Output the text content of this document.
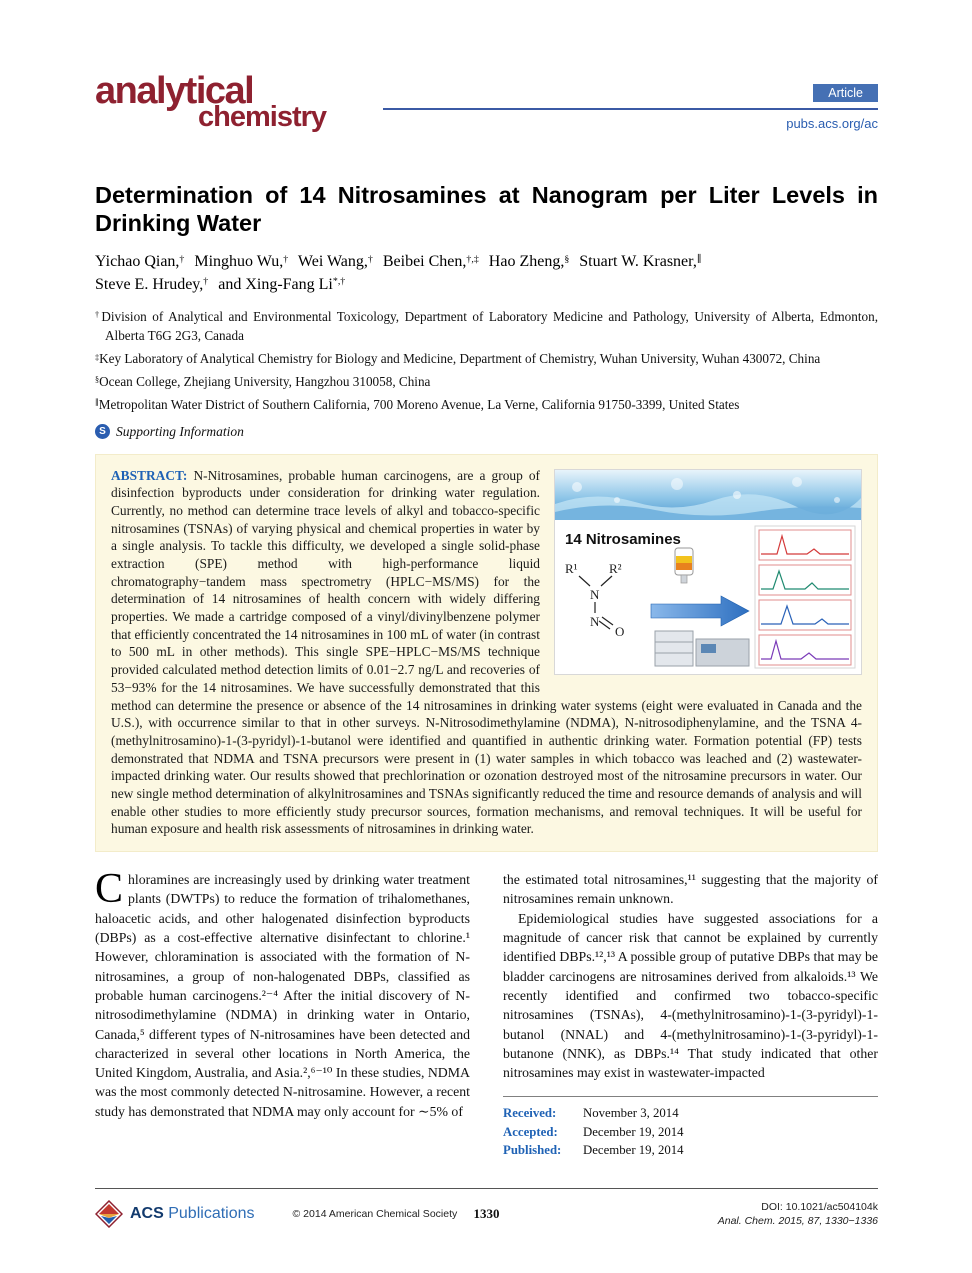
analytical
chemistry
Article
pubs.acs.org/ac
Determination of 14 Nitrosamines at Nanogram per Liter Levels in Drinking Water
Yichao Qian,† Minghuo Wu,† Wei Wang,† Beibei Chen,†,‡ Hao Zheng,§ Stuart W. Krasner,∥
Steve E. Hrudey,† and Xing-Fang Li*,†
†Division of Analytical and Environmental Toxicology, Department of Laboratory Medicine and Pathology, University of Alberta, Edmonton, Alberta T6G 2G3, Canada
‡Key Laboratory of Analytical Chemistry for Biology and Medicine, Department of Chemistry, Wuhan University, Wuhan 430072, China
§Ocean College, Zhejiang University, Hangzhou 310058, China
∥Metropolitan Water District of Southern California, 700 Moreno Avenue, La Verne, California 91750-3399, United States
S Supporting Information
14 Nitrosamines
R¹ R²
N
N
O

ABSTRACT: N-Nitrosamines, probable human carcinogens, are a group of disinfection byproducts under consideration for drinking water regulation. Currently, no method can determine trace levels of alkyl and tobacco-specific nitrosamines (TSNAs) of varying physical and chemical properties in water by a single analysis. To tackle this difficulty, we developed a single solid-phase extraction (SPE) method with high-performance liquid chromatography−tandem mass spectrometry (HPLC−MS/MS) for the determination of 14 nitrosamines of health concern with widely differing properties. We made a cartridge composed of a vinyl/divinylbenzene polymer that efficiently concentrated the 14 nitrosamines in 100 mL of water (in contrast to 500 mL in other methods). This single SPE−HPLC−MS/MS technique provided calculated method detection limits of 0.01−2.7 ng/L and recoveries of 53−93% for the 14 nitrosamines. We have successfully demonstrated that this method can determine the presence or absence of the 14 nitrosamines in drinking water systems (eight were evaluated in Canada and the U.S.), with occurrence similar to that in other surveys. N-Nitrosodimethylamine (NDMA), N-nitrosodiphenylamine, and the TSNA 4-(methylnitrosamino)-1-(3-pyridyl)-1-butanol were identified and quantified in authentic drinking water. Formation potential (FP) tests demonstrated that NDMA and TSNA precursors were present in (1) water samples in which tobacco was leached and (2) wastewater-impacted drinking water. Our results showed that prechlorination or ozonation destroyed most of the nitrosamine precursors in water. Our new single method determination of alkylnitrosamines and TSNAs significantly reduced the time and resource demands of analysis and will enable other studies to more efficiently study precursor sources, formation mechanisms, and removal techniques. It will be useful for human exposure and health risk assessments of nitrosamines in drinking water.

Chloramines are increasingly used by drinking water treatment plants (DWTPs) to reduce the formation of trihalomethanes, haloacetic acids, and other halogenated disinfection byproducts (DBPs) as a cost-effective alternative disinfectant to chlorine.¹ However, chloramination is associated with the formation of N-nitrosamines, a group of non-halogenated DBPs, classified as probable human carcinogens.²⁻⁴ After the initial discovery of N-nitrosodimethylamine (NDMA) in drinking water in Ontario, Canada,⁵ different types of N-nitrosamines have been detected and characterized in several other locations in North America, the United Kingdom, Australia, and Asia.²,⁶⁻¹⁰ In these studies, NDMA was the most commonly detected N-nitrosamine. However, a recent study has demonstrated that NDMA may only account for ∼5% of

the estimated total nitrosamines,¹¹ suggesting that the majority of nitrosamines remain unknown.

Epidemiological studies have suggested associations for a magnitude of cancer risk that cannot be explained by currently identified DBPs.¹²,¹³ A possible group of putative DBPs that may be bladder carcinogens are nitrosamines derived from alkaloids.¹³ We recently identified and confirmed two tobacco-specific nitrosamines (TSNAs), 4-(methylnitrosamino)-1-(3-pyridyl)-1-butanol (NNAL) and 4-(methylnitrosamino)-1-(3-pyridyl)-1-butanone (NNK), as DBPs.¹⁴ That study indicated that other nitrosamines may exist in wastewater-impacted

Received: November 3, 2014
Accepted: December 19, 2014
Published: December 19, 2014
ACS Publications	© 2014 American Chemical Society	1330	DOI: 10.1021/ac504104k
Anal. Chem. 2015, 87, 1330−1336
